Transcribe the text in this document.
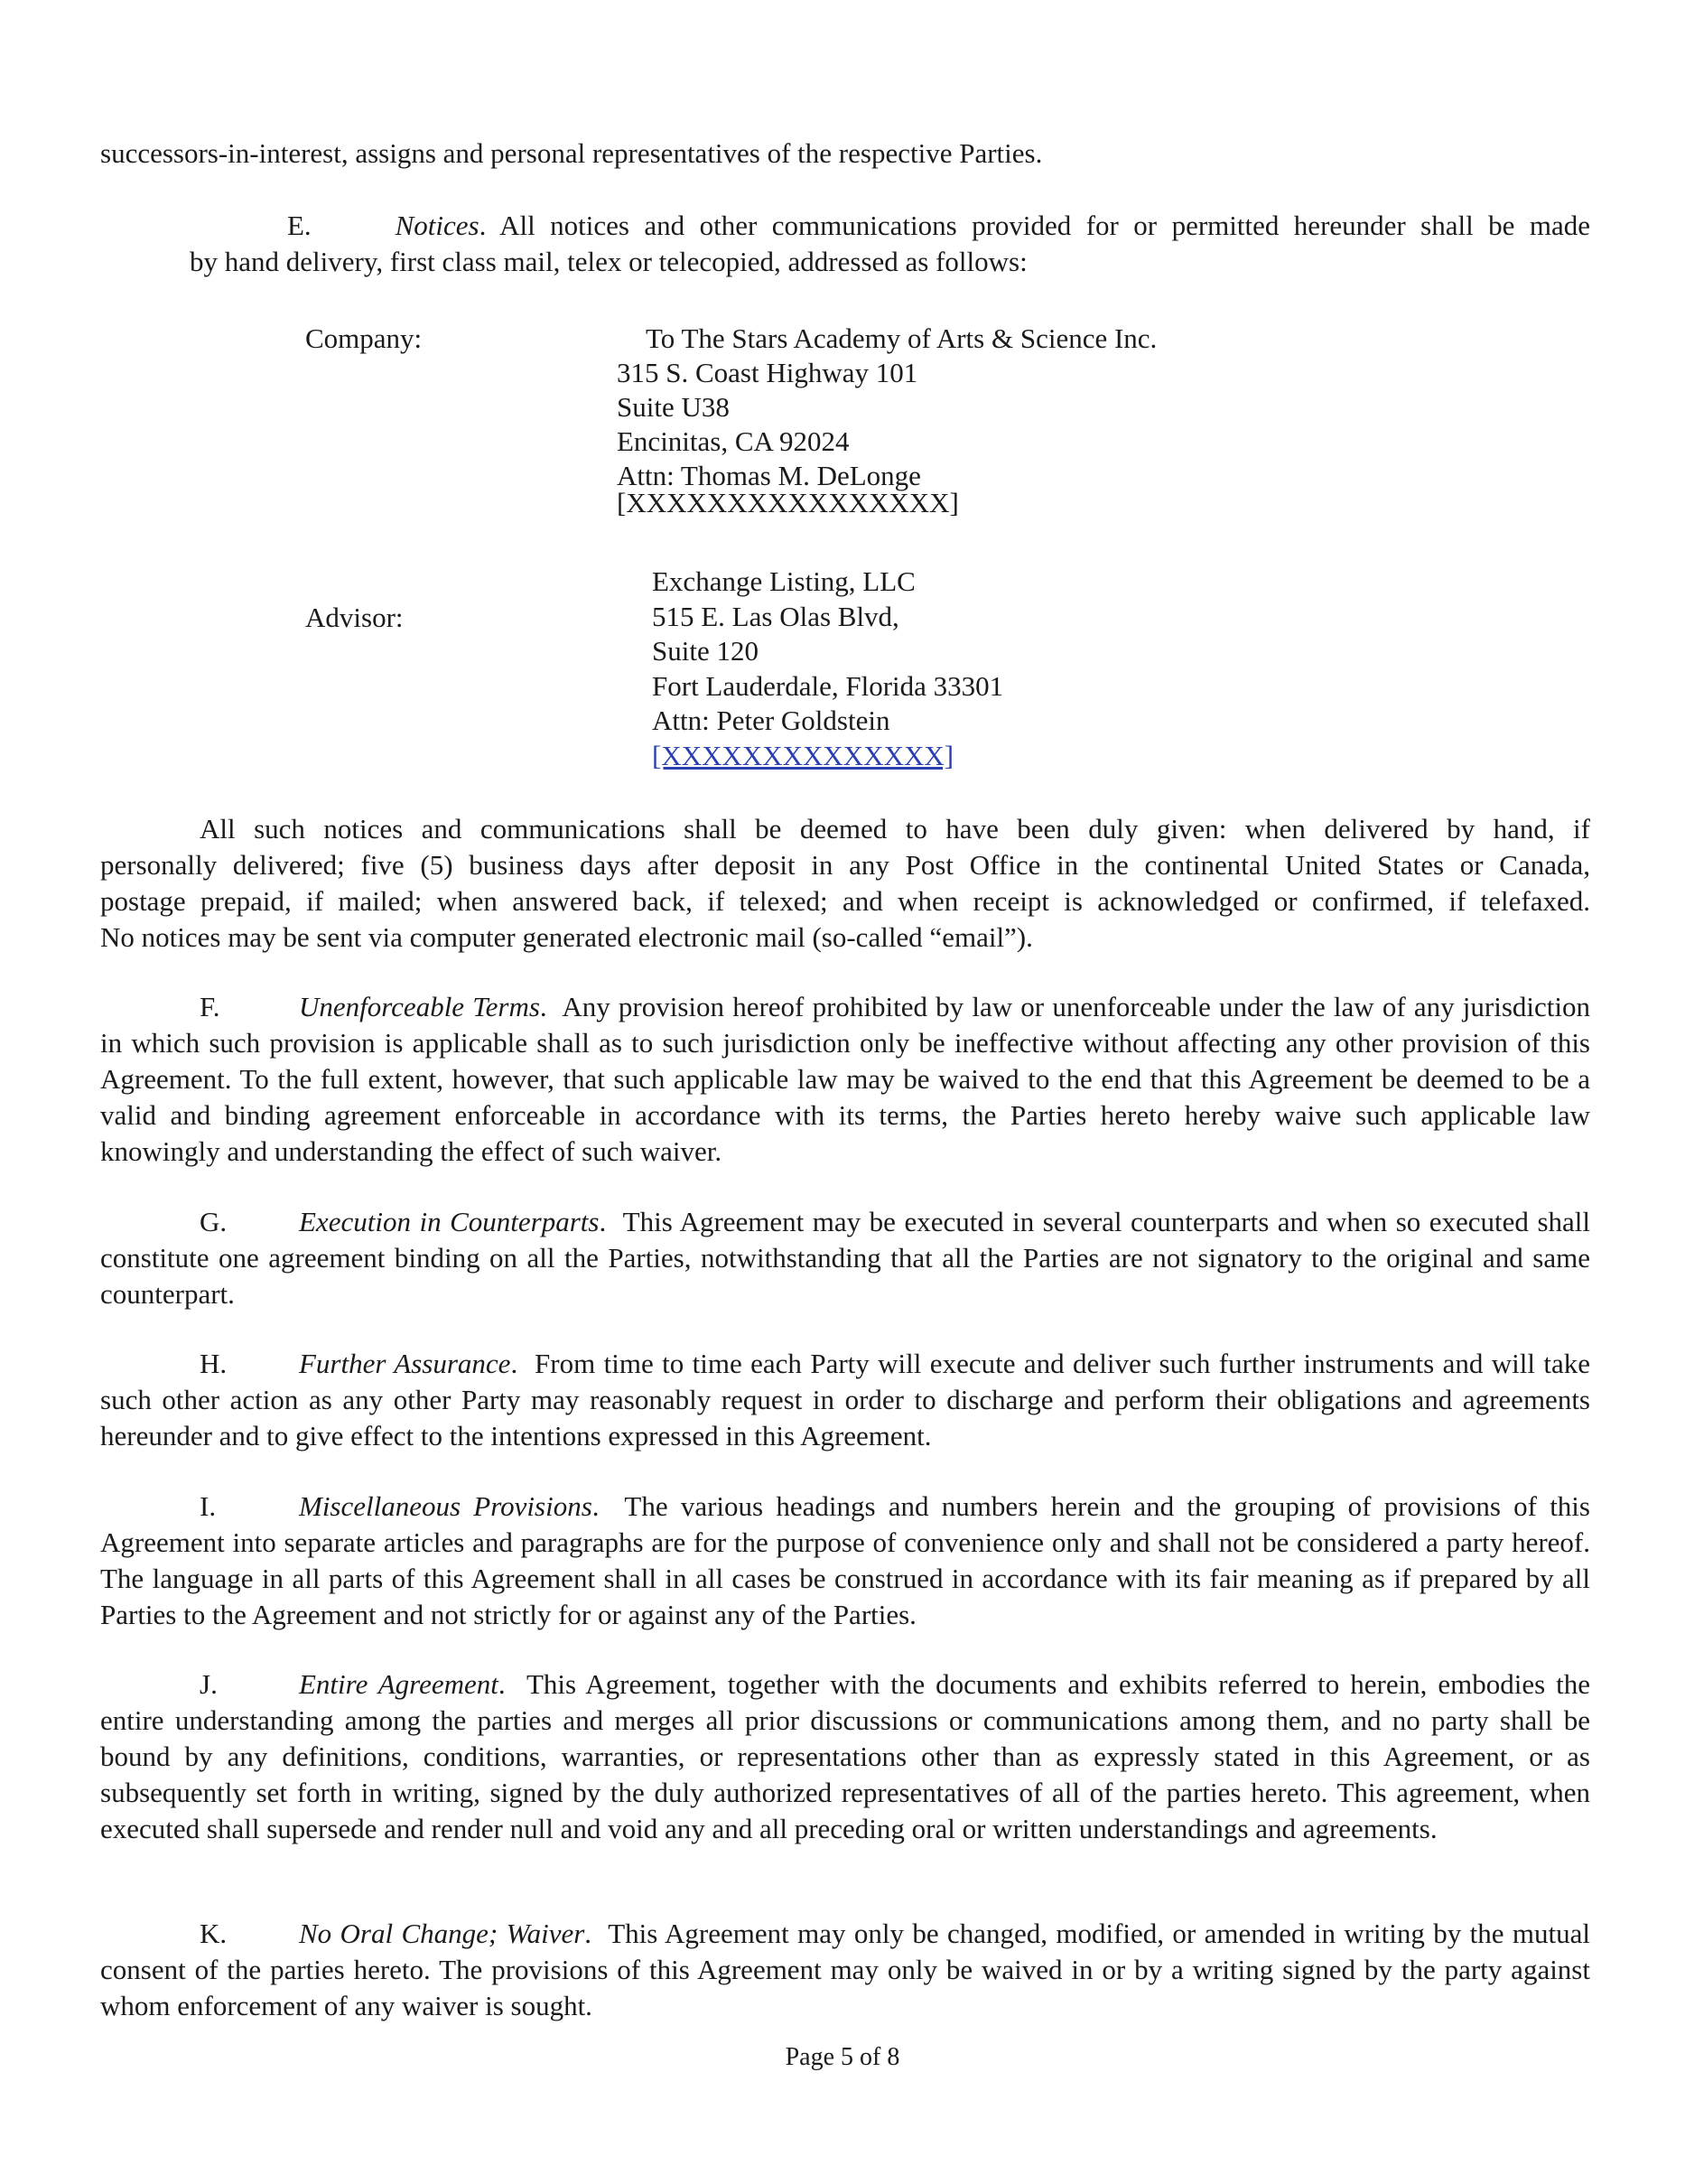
successors-in-interest, assigns and personal representatives of the respective Parties.
E.	Notices. All notices and other communications provided for or permitted hereunder shall be made
by hand delivery, first class mail, telex or telecopied, addressed as follows:
Company:	To The Stars Academy of Arts & Science Inc.
315 S. Coast Highway 101
Suite U38
Encinitas, CA 92024
Attn: Thomas M. DeLonge
[XXXXXXXXXXXXXXXX]
Advisor:
Exchange Listing, LLC
515 E. Las Olas Blvd,
Suite 120
Fort Lauderdale, Florida 33301
Attn: Peter Goldstein
[XXXXXXXXXXXXXX]
All such notices and communications shall be deemed to have been duly given: when delivered by hand, if
personally delivered; five (5) business days after deposit in any Post Office in the continental United States or Canada,
postage prepaid, if mailed; when answered back, if telexed; and when receipt is acknowledged or confirmed, if telefaxed.
No notices may be sent via computer generated electronic mail (so-called “email”).
F.	Unenforceable Terms.  Any provision hereof prohibited by law or unenforceable under the law of any jurisdiction in which such provision is applicable shall as to such jurisdiction only be ineffective without affecting any other provision of this Agreement. To the full extent, however, that such applicable law may be waived to the end that this Agreement be deemed to be a valid and binding agreement enforceable in accordance with its terms, the Parties hereto hereby waive such applicable law knowingly and understanding the effect of such waiver.
G.	Execution in Counterparts.  This Agreement may be executed in several counterparts and when so executed shall constitute one agreement binding on all the Parties, notwithstanding that all the Parties are not signatory to the original and same counterpart.
H.	Further Assurance.  From time to time each Party will execute and deliver such further instruments and will take such other action as any other Party may reasonably request in order to discharge and perform their obligations and agreements hereunder and to give effect to the intentions expressed in this Agreement.
I.	Miscellaneous Provisions.  The various headings and numbers herein and the grouping of provisions of this Agreement into separate articles and paragraphs are for the purpose of convenience only and shall not be considered a party hereof. The language in all parts of this Agreement shall in all cases be construed in accordance with its fair meaning as if prepared by all Parties to the Agreement and not strictly for or against any of the Parties.
J.	Entire Agreement.  This Agreement, together with the documents and exhibits referred to herein, embodies the entire understanding among the parties and merges all prior discussions or communications among them, and no party shall be bound by any definitions, conditions, warranties, or representations other than as expressly stated in this Agreement, or as subsequently set forth in writing, signed by the duly authorized representatives of all of the parties hereto. This agreement, when executed shall supersede and render null and void any and all preceding oral or written understandings and agreements.
K.	No Oral Change; Waiver.  This Agreement may only be changed, modified, or amended in writing by the mutual consent of the parties hereto. The provisions of this Agreement may only be waived in or by a writing signed by the party against whom enforcement of any waiver is sought.
Page 5 of 8
